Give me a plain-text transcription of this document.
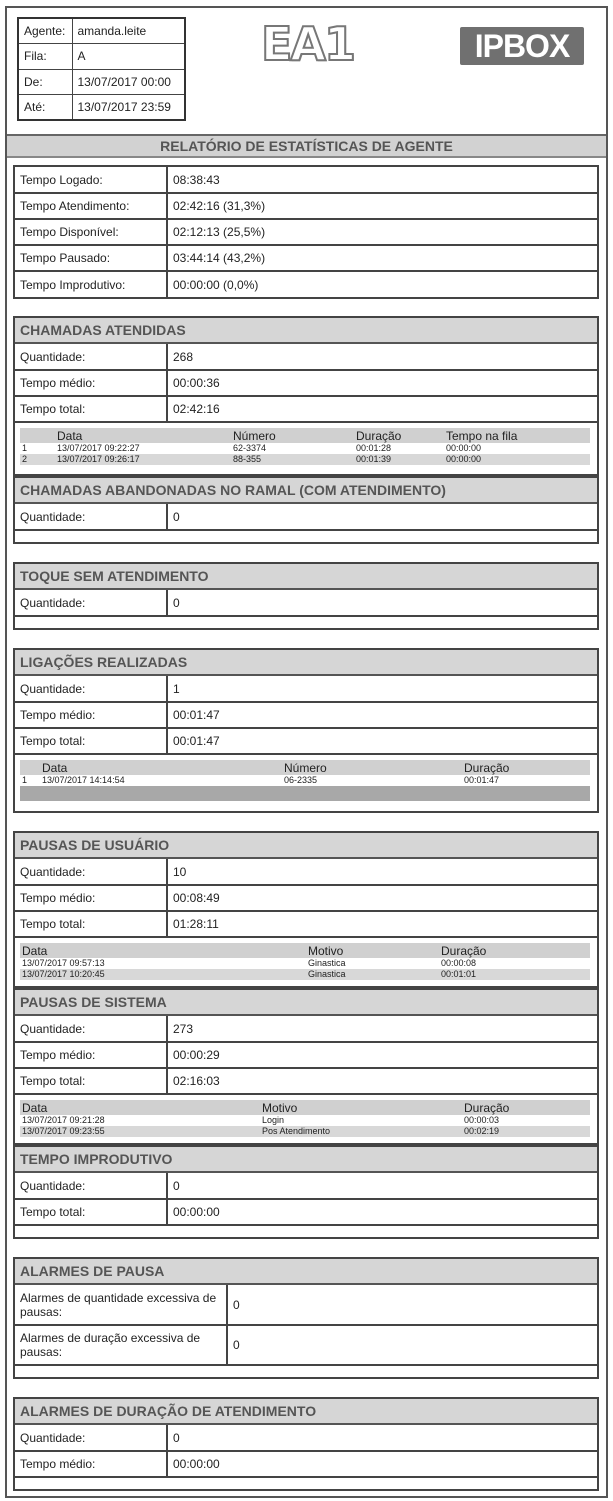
Agente:	amanda.leite
Fila:	A
De:	13/07/2017 00:00
Até:	13/07/2017 23:59
EA1	IPBOX
RELATÓRIO DE ESTATÍSTICAS DE AGENTE
Tempo Logado:	08:38:43
Tempo Atendimento:	02:42:16 (31,3%)
Tempo Disponível:	02:12:13 (25,5%)
Tempo Pausado:	03:44:14 (43,2%)
Tempo Improdutivo:	00:00:00 (0,0%)
CHAMADAS ATENDIDAS
Quantidade:	268
Tempo médio:	00:00:36
Tempo total:	02:42:16
	Data	Número	Duração	Tempo na fila
1	13/07/2017 09:22:27	62-3374	00:01:28	00:00:00
2	13/07/2017 09:26:17	88-355	00:01:39	00:00:00
CHAMADAS ABANDONADAS NO RAMAL (COM ATENDIMENTO)
Quantidade:	0
TOQUE SEM ATENDIMENTO
Quantidade:	0
LIGAÇÕES REALIZADAS
Quantidade:	1
Tempo médio:	00:01:47
Tempo total:	00:01:47
	Data	Número	Duração
1	13/07/2017 14:14:54	06-2335	00:01:47

PAUSAS DE USUÁRIO
Quantidade:	10
Tempo médio:	00:08:49
Tempo total:	01:28:11
Data	Motivo	Duração
13/07/2017 09:57:13	Ginastica	00:00:08
13/07/2017 10:20:45	Ginastica	00:01:01
PAUSAS DE SISTEMA
Quantidade:	273
Tempo médio:	00:00:29
Tempo total:	02:16:03
Data	Motivo	Duração
13/07/2017 09:21:28	Login	00:00:03
13/07/2017 09:23:55	Pos Atendimento	00:02:19
TEMPO IMPRODUTIVO
Quantidade:	0
Tempo total:	00:00:00
ALARMES DE PAUSA
Alarmes de quantidade excessiva de pausas:	0
Alarmes de duração excessiva de pausas:	0
ALARMES DE DURAÇÃO DE ATENDIMENTO
Quantidade:	0
Tempo médio:	00:00:00
